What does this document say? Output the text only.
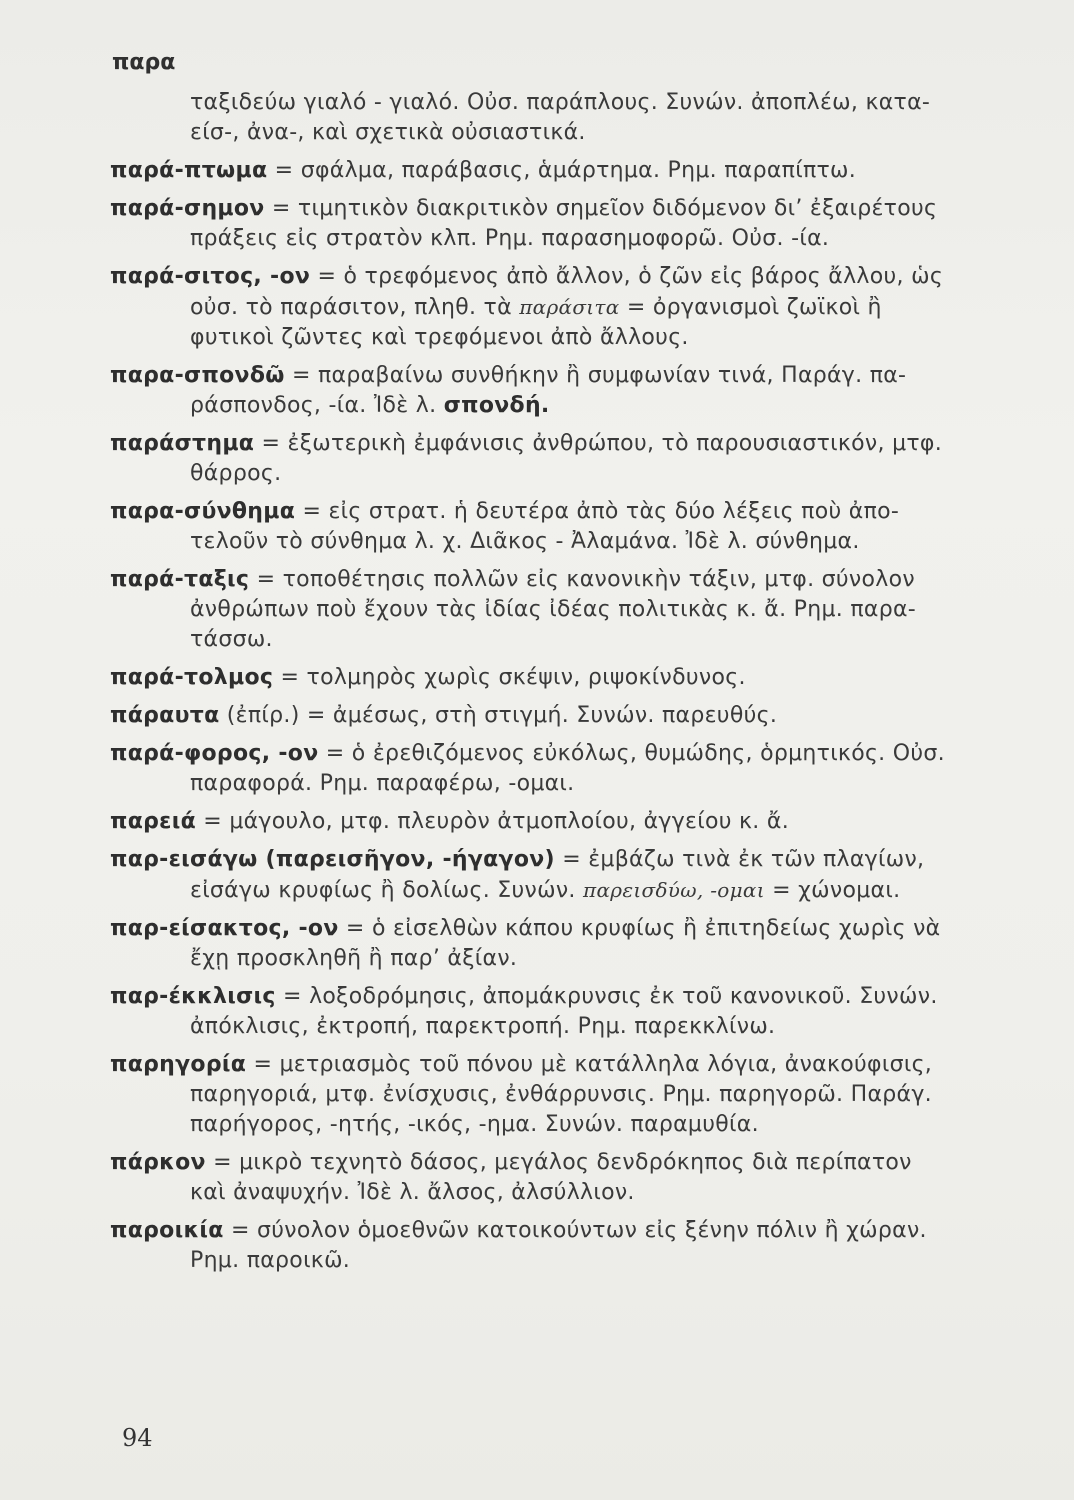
παρα
ταξιδεύω γιαλό - γιαλό. Οὐσ. παράπλους. Συνών. ἀποπλέω, κατα-
είσ-, ἀνα-, καὶ σχετικὰ οὐσιαστικά.
παρά-πτωμα = σφάλμα, παράβασις, ἁμάρτημα. Ρημ. παραπίπτω.
παρά-σημον = τιμητικὸν διακριτικὸν σημεῖον διδόμενον δι’ ἐξαιρέτους
πράξεις εἰς στρατὸν κλπ. Ρημ. παρασημοφορῶ. Οὐσ. -ία.
παρά-σιτος, -ον = ὁ τρεφόμενος ἀπὸ ἄλλον, ὁ ζῶν εἰς βάρος ἄλλου, ὡς
οὐσ. τὸ παράσιτον, πληθ. τὰ παράσιτα = ὀργανισμοὶ ζωϊκοὶ ἢ
φυτικοὶ ζῶντες καὶ τρεφόμενοι ἀπὸ ἄλλους.
παρα-σπονδῶ = παραβαίνω συνθήκην ἢ συμφωνίαν τινά, Παράγ. πα-
ράσπονδος, -ία. Ἰδὲ λ. σπονδή.
παράστημα = ἐξωτερικὴ ἐμφάνισις ἀνθρώπου, τὸ παρουσιαστικόν, μτφ.
θάρρος.
παρα-σύνθημα = εἰς στρατ. ἡ δευτέρα ἀπὸ τὰς δύο λέξεις ποὺ ἀπο-
τελοῦν τὸ σύνθημα λ. χ. Διᾶκος - Ἀλαμάνα. Ἰδὲ λ. σύνθημα.
παρά-ταξις = τοποθέτησις πολλῶν εἰς κανονικὴν τάξιν, μτφ. σύνολον
ἀνθρώπων ποὺ ἔχουν τὰς ἰδίας ἰδέας πολιτικὰς κ. ἄ. Ρημ. παρα-
τάσσω.
παρά-τολμος = τολμηρὸς χωρὶς σκέψιν, ριψοκίνδυνος.
πάραυτα (ἐπίρ.) = ἀμέσως, στὴ στιγμή. Συνών. παρευθύς.
παρά-φορος, -ον = ὁ ἐρεθιζόμενος εὐκόλως, θυμώδης, ὁρμητικός. Οὐσ.
παραφορά. Ρημ. παραφέρω, -ομαι.
παρειά = μάγουλο, μτφ. πλευρὸν ἀτμοπλοίου, ἀγγείου κ. ἄ.
παρ-εισάγω (παρεισῆγον, -ήγαγον) = ἐμβάζω τινὰ ἐκ τῶν πλαγίων,
εἰσάγω κρυφίως ἢ δολίως. Συνών. παρεισδύω, -ομαι = χώνομαι.
παρ-είσακτος, -ον = ὁ εἰσελθὼν κάπου κρυφίως ἢ ἐπιτηδείως χωρὶς νὰ
ἔχῃ προσκληθῆ ἢ παρ’ ἀξίαν.
παρ-έκκλισις = λοξοδρόμησις, ἀπομάκρυνσις ἐκ τοῦ κανονικοῦ. Συνών.
ἀπόκλισις, ἐκτροπή, παρεκτροπή. Ρημ. παρεκκλίνω.
παρηγορία = μετριασμὸς τοῦ πόνου μὲ κατάλληλα λόγια, ἀνακούφισις,
παρηγοριά, μτφ. ἐνίσχυσις, ἐνθάρρυνσις. Ρημ. παρηγορῶ. Παράγ.
παρήγορος, -ητής, -ικός, -ημα. Συνών. παραμυθία.
πάρκον = μικρὸ τεχνητὸ δάσος, μεγάλος δενδρόκηπος διὰ περίπατον
καὶ ἀναψυχήν. Ἰδὲ λ. ἄλσος, ἀλσύλλιον.
παροικία = σύνολον ὁμοεθνῶν κατοικούντων εἰς ξένην πόλιν ἢ χώραν.
Ρημ. παροικῶ.
94
